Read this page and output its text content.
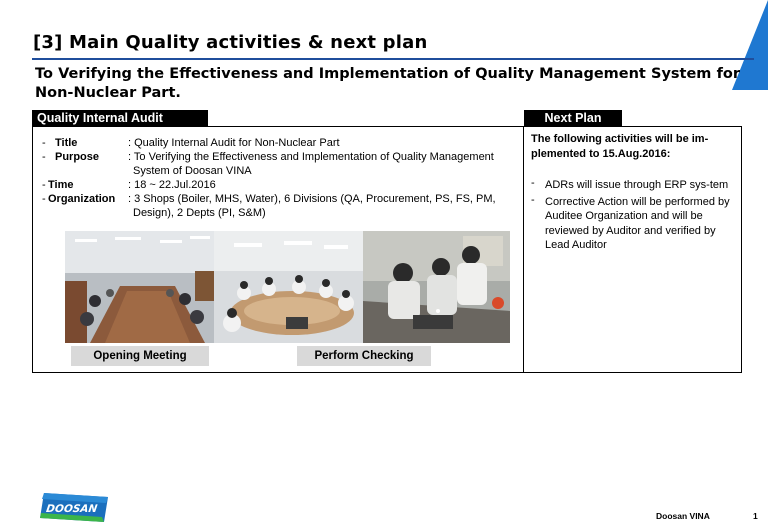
[3] Main Quality activities & next plan
To Verifying the Effectiveness and Implementation of Quality Management System for Non-Nuclear Part.
Quality Internal Audit	Next Plan
- Title	: Quality Internal Audit for Non-Nuclear Part
- Purpose	: To Verifying the Effectiveness and Implementation of Quality Management
System of Doosan VINA
- Time	: 18 ~ 22.Jul.2016
- Organization	: 3 Shops (Boiler, MHS, Water), 6 Divisions (QA, Procurement, PS, FS, PM,
Design), 2 Depts (PI, S&M)
Opening Meeting	Perform Checking
The following activities will be im-plemented to 15.Aug.2016:
- ADRs will issue through ERP sys-tem
- Corrective Action will be performed by Auditee Organization and will be reviewed by Auditor and verified by Lead Auditor
DOOSAN
Doosan VINA	1
